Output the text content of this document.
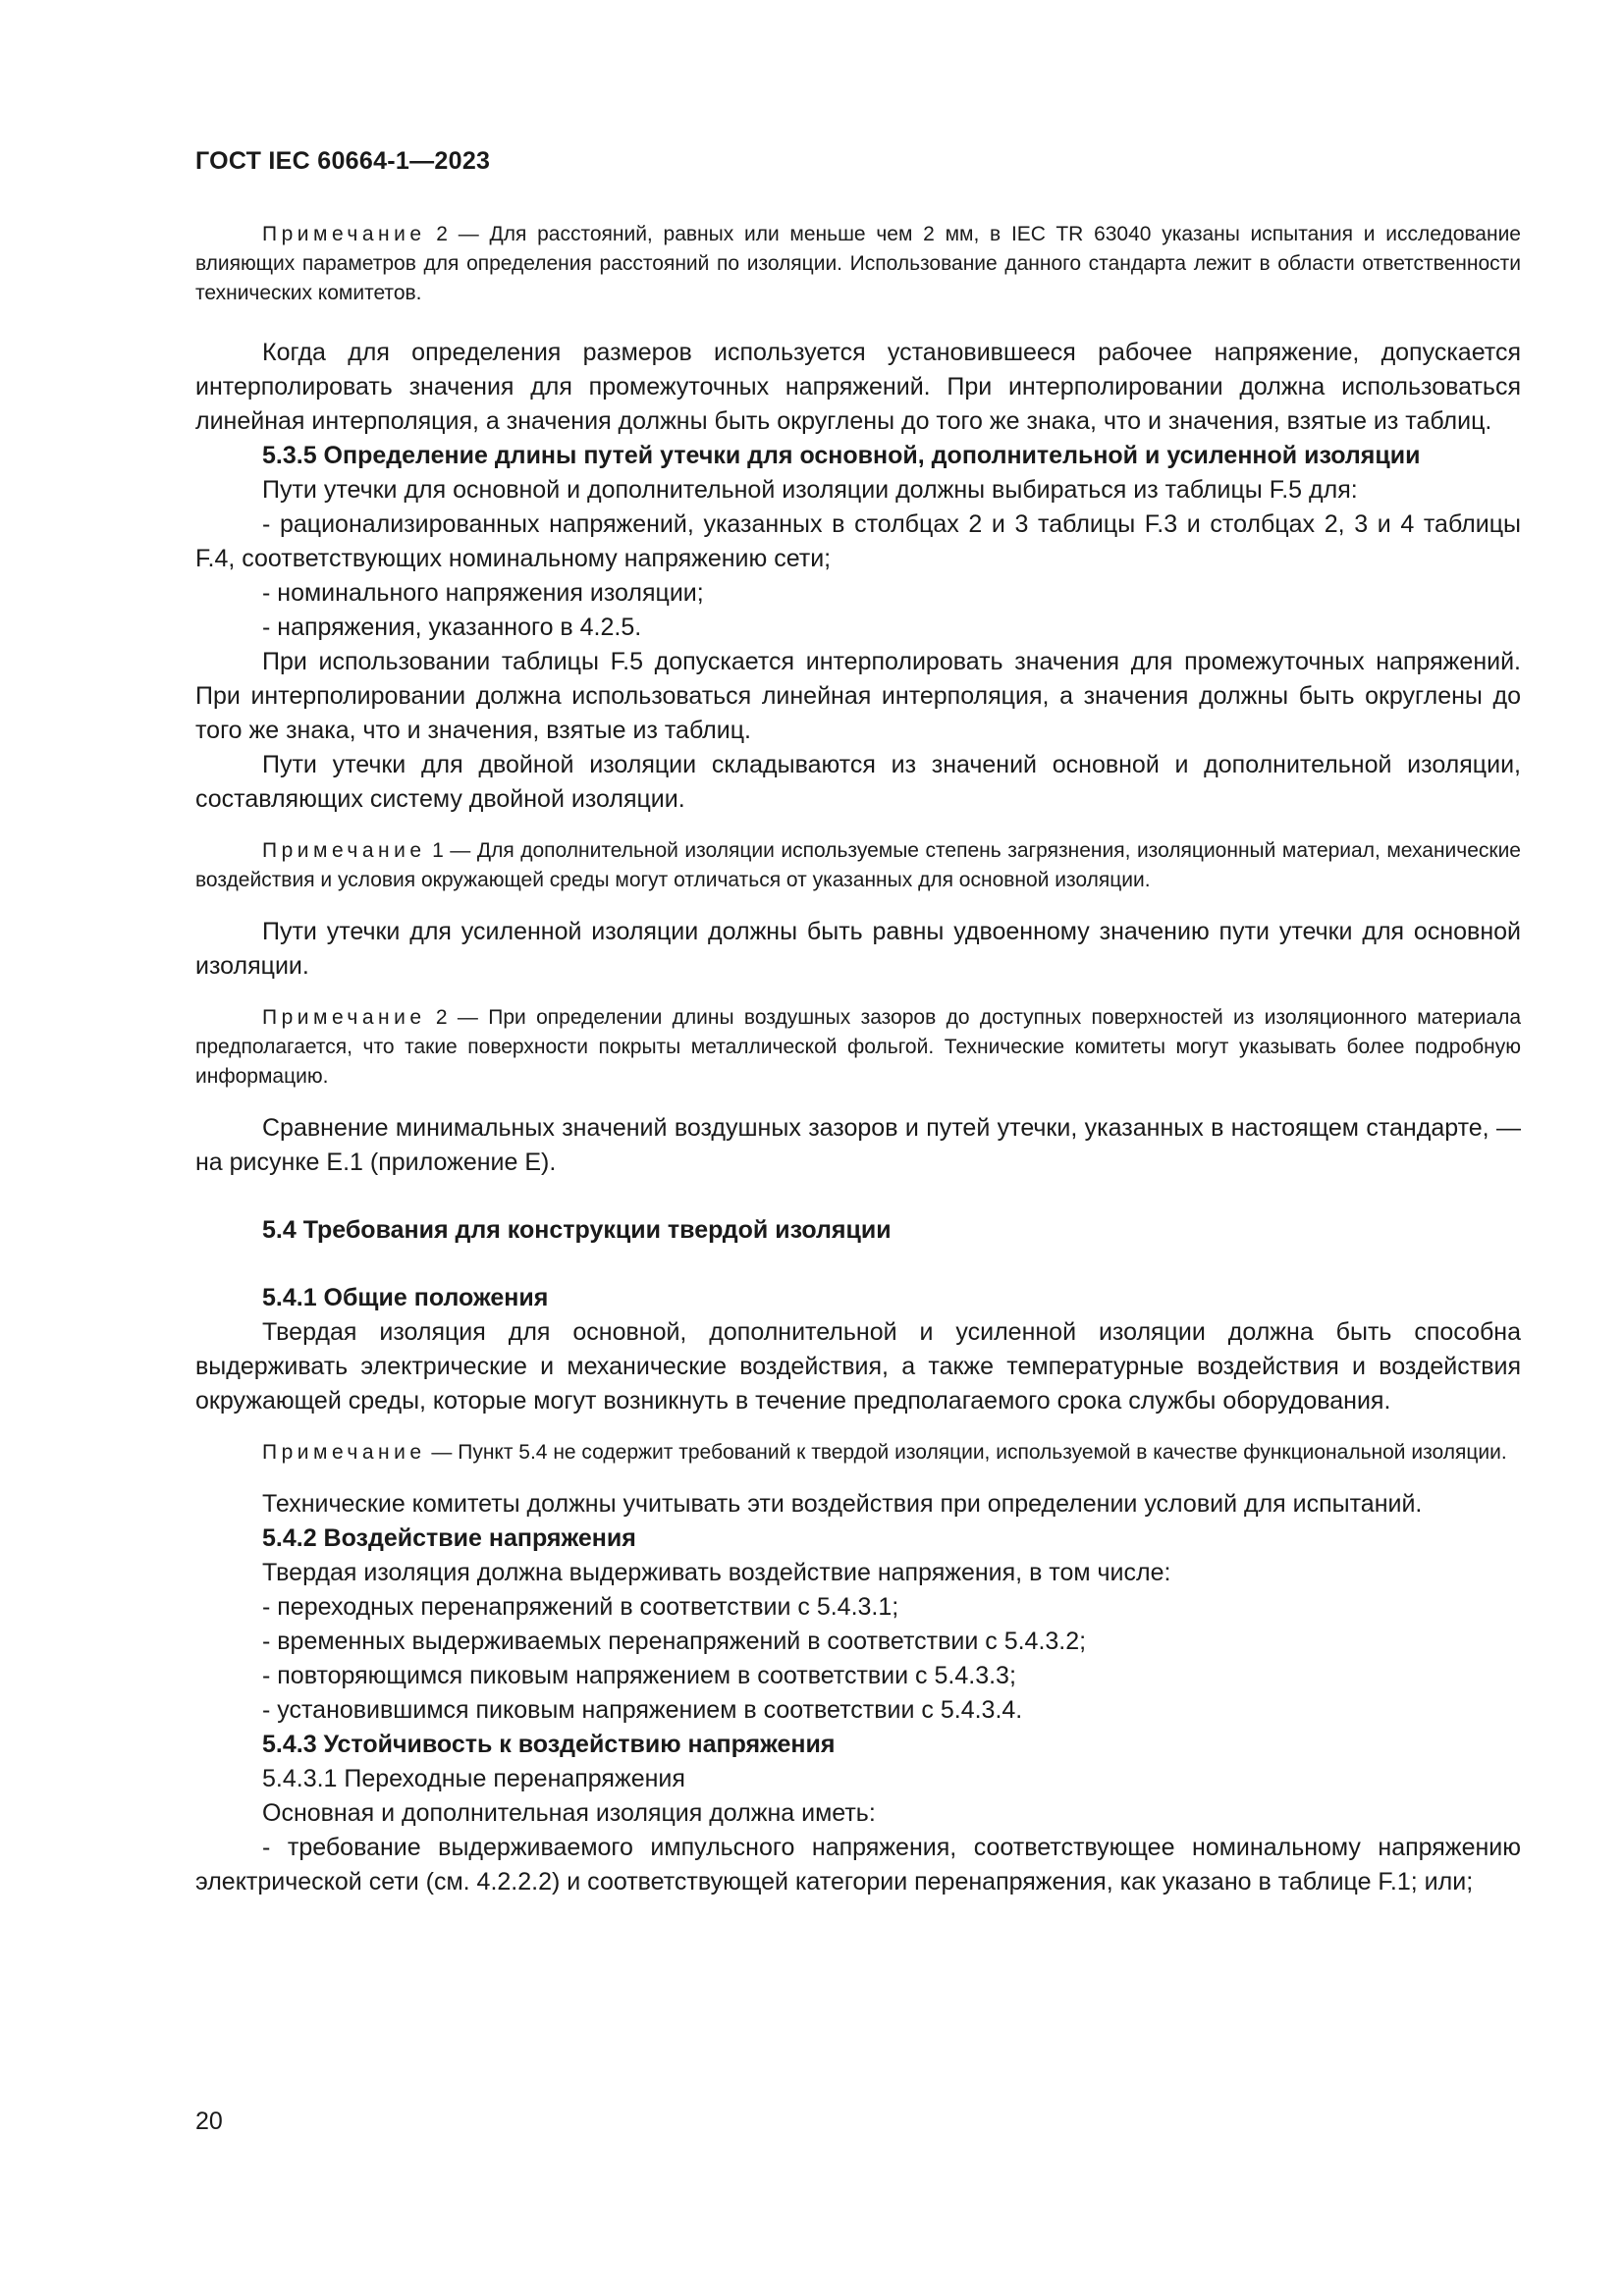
ГОСТ IEC 60664-1—2023

Примечание 2 — Для расстояний, равных или меньше чем 2 мм, в IEC TR 63040 указаны испытания и исследование влияющих параметров для определения расстояний по изоляции. Использование данного стандарта лежит в области ответственности технических комитетов.

Когда для определения размеров используется установившееся рабочее напряжение, допускается интерполировать значения для промежуточных напряжений. При интерполировании должна использоваться линейная интерполяция, а значения должны быть округлены до того же знака, что и значения, взятые из таблиц.

5.3.5 Определение длины путей утечки для основной, дополнительной и усиленной изоляции

Пути утечки для основной и дополнительной изоляции должны выбираться из таблицы F.5 для:

- рационализированных напряжений, указанных в столбцах 2 и 3 таблицы F.3 и столбцах 2, 3 и 4 таблицы F.4, соответствующих номинальному напряжению сети;

- номинального напряжения изоляции;

- напряжения, указанного в 4.2.5.

При использовании таблицы F.5 допускается интерполировать значения для промежуточных напряжений. При интерполировании должна использоваться линейная интерполяция, а значения должны быть округлены до того же знака, что и значения, взятые из таблиц.

Пути утечки для двойной изоляции складываются из значений основной и дополнительной изоляции, составляющих систему двойной изоляции.

Примечание 1 — Для дополнительной изоляции используемые степень загрязнения, изоляционный материал, механические воздействия и условия окружающей среды могут отличаться от указанных для основной изоляции.

Пути утечки для усиленной изоляции должны быть равны удвоенному значению пути утечки для основной изоляции.

Примечание 2 — При определении длины воздушных зазоров до доступных поверхностей из изоляционного материала предполагается, что такие поверхности покрыты металлической фольгой. Технические комитеты могут указывать более подробную информацию.

Сравнение минимальных значений воздушных зазоров и путей утечки, указанных в настоящем стандарте, — на рисунке Е.1 (приложение Е).

5.4 Требования для конструкции твердой изоляции

5.4.1 Общие положения

Твердая изоляция для основной, дополнительной и усиленной изоляции должна быть способна выдерживать электрические и механические воздействия, а также температурные воздействия и воздействия окружающей среды, которые могут возникнуть в течение предполагаемого срока службы оборудования.

Примечание — Пункт 5.4 не содержит требований к твердой изоляции, используемой в качестве функциональной изоляции.

Технические комитеты должны учитывать эти воздействия при определении условий для испытаний.

5.4.2 Воздействие напряжения

Твердая изоляция должна выдерживать воздействие напряжения, в том числе:

- переходных перенапряжений в соответствии с 5.4.3.1;

- временных выдерживаемых перенапряжений в соответствии с 5.4.3.2;

- повторяющимся пиковым напряжением в соответствии с 5.4.3.3;

- установившимся пиковым напряжением в соответствии с 5.4.3.4.

5.4.3 Устойчивость к воздействию напряжения

5.4.3.1 Переходные перенапряжения

Основная и дополнительная изоляция должна иметь:

- требование выдерживаемого импульсного напряжения, соответствующее номинальному напряжению электрической сети (см. 4.2.2.2) и соответствующей категории перенапряжения, как указано в таблице F.1; или;

20
